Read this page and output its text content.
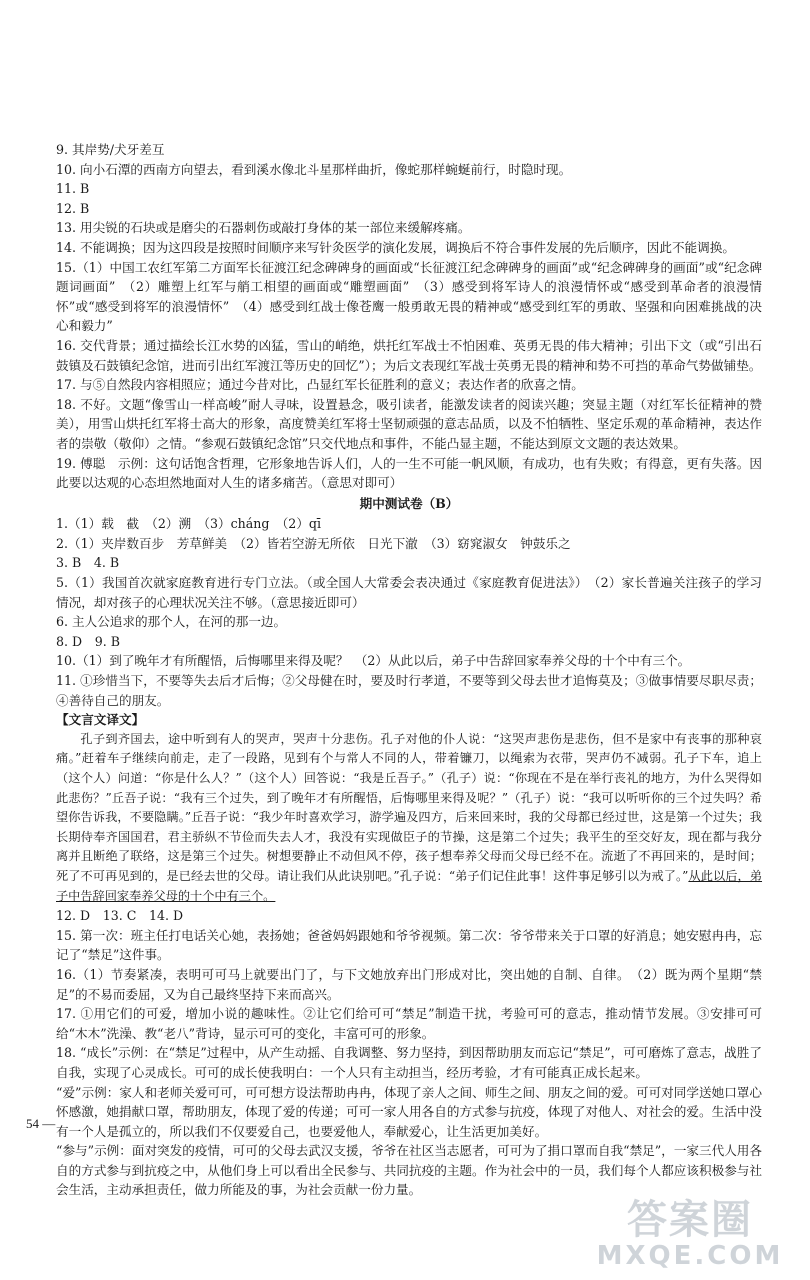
9. 其岸势/犬牙差互

10. 向小石潭的西南方向望去，看到溪水像北斗星那样曲折，像蛇那样蜿蜒前行，时隐时现。

11. B

12. B

13. 用尖锐的石块或是磨尖的石器刺伤或敲打身体的某一部位来缓解疼痛。

14. 不能调换；因为这四段是按照时间顺序来写针灸医学的演化发展，调换后不符合事件发展的先后顺序，因此不能调换。

15.（1）中国工农红军第二方面军长征渡江纪念碑碑身的画面或“长征渡江纪念碑碑身的画面”或“纪念碑碑身的画面”或“纪念碑题词画面”　（2）雕塑上红军与艄工相望的画面或“雕塑画面”　（3）感受到将军诗人的浪漫情怀或“感受到革命者的浪漫情怀”或“感受到将军的浪漫情怀”　（4）感受到红战士像苍鹰一般勇敢无畏的精神或“感受到红军的勇敢、坚强和向困难挑战的决心和毅力”

16. 交代背景；通过描绘长江水势的凶猛，雪山的峭绝，烘托红军战士不怕困难、英勇无畏的伟大精神；引出下文（或“引出石鼓镇及石鼓镇纪念馆，进而引出红军渡江等历史的回忆”）；为后文表现红军战士英勇无畏的精神和势不可挡的革命气势做铺垫。

17. 与⑤自然段内容相照应；通过今昔对比，凸显红军长征胜利的意义；表达作者的欣喜之情。

18. 不好。文题“像雪山一样高峻”耐人寻味，设置悬念，吸引读者，能激发读者的阅读兴趣；突显主题（对红军长征精神的赞美），用雪山烘托红军将士高大的形象，高度赞美红军将士坚韧顽强的意志品质，以及不怕牺牲、坚定乐观的革命精神，表达作者的崇敬（敬仰）之情。“参观石鼓镇纪念馆”只交代地点和事件，不能凸显主题，不能达到原文文题的表达效果。

19. 傅聪　示例：这句话饱含哲理，它形象地告诉人们，人的一生不可能一帆风顺，有成功，也有失败；有得意，更有失落。因此要以达观的心态坦然地面对人生的诸多痛苦。（意思对即可）

期中测试卷（B）

1.（1）载　截　（2）溯　（3）cháng　（2）qī

2.（1）夹岸数百步　芳草鲜美　（2）皆若空游无所依　日光下澈　（3）窈窕淑女　钟鼓乐之

3. B　4. B

5.（1）我国首次就家庭教育进行专门立法。（或全国人大常委会表决通过《家庭教育促进法》）　（2）家长普遍关注孩子的学习情况，却对孩子的心理状况关注不够。（意思接近即可）

6. 主人公追求的那个人，在河的那一边。

8. D　9. B

10.（1）到了晚年才有所醒悟，后悔哪里来得及呢？　（2）从此以后，弟子中告辞回家奉养父母的十个中有三个。

11. ①珍惜当下，不要等失去后才后悔；②父母健在时，要及时行孝道，不要等到父母去世才追悔莫及；③做事情要尽职尽责；④善待自己的朋友。

【文言文译文】

孔子到齐国去，途中听到有人的哭声，哭声十分悲伤。孔子对他的仆人说：“这哭声悲伤是悲伤，但不是家中有丧事的那种哀痛。”赶着车子继续向前走，走了一段路，见到有个与常人不同的人，带着镰刀，以绳索为衣带，哭声仍不减弱。孔子下车，追上（这个人）问道：“你是什么人？”（这个人）回答说：“我是丘吾子。”（孔子）说：“你现在不是在举行丧礼的地方，为什么哭得如此悲伤？”丘吾子说：“我有三个过失，到了晚年才有所醒悟，后悔哪里来得及呢？”（孔子）说：“我可以听听你的三个过失吗？希望你告诉我，不要隐瞒。”丘吾子说：“我少年时喜欢学习，游学遍及四方，后来回来时，我的父母都已经过世，这是第一个过失；我长期侍奉齐国国君，君主骄纵不节俭而失去人才，我没有实现做臣子的节操，这是第二个过失；我平生的至交好友，现在都与我分离并且断绝了联络，这是第三个过失。树想要静止不动但风不停，孩子想奉养父母而父母已经不在。流逝了不再回来的，是时间；死了不可再见到的，是已经去世的父母。请让我们从此诀别吧。”孔子说：“弟子们记住此事！这件事足够引以为戒了。”从此以后，弟子中告辞回家奉养父母的十个中有三个。

12. D　13. C　14. D

15. 第一次：班主任打电话关心她，表扬她；爸爸妈妈跟她和爷爷视频。第二次：爷爷带来关于口罩的好消息；她安慰冉冉，忘记了“禁足”这件事。

16.（1）节奏紧凑，表明可可马上就要出门了，与下文她放弃出门形成对比，突出她的自制、自律。　（2）既为两个星期“禁足”的不易而委屈，又为自己最终坚持下来而高兴。

17. ①用它们的可爱，增加小说的趣味性。②让它们给可可“禁足”制造干扰，考验可可的意志，推动情节发展。③安排可可给“木木”洗澡、教“老八”背诗，显示可可的变化，丰富可可的形象。

18. “成长”示例：在“禁足”过程中，从产生动摇、自我调整、努力坚持，到因帮助朋友而忘记“禁足”，可可磨炼了意志，战胜了自我，实现了心灵成长。可可的成长使我明白：一个人只有主动担当，经历考验，才有可能真正成长起来。

“爱”示例：家人和老师关爱可可，可可想方设法帮助冉冉，体现了亲人之间、师生之间、朋友之间的爱。可可对同学送她口罩心怀感激，她捐献口罩，帮助朋友，体现了爱的传递；可可一家人用各自的方式参与抗疫，体现了对他人、对社会的爱。生活中没有一个人是孤立的，所以我们不仅要爱自己，也要爱他人，奉献爱心，让生活更加美好。

“参与”示例：面对突发的疫情，可可的父母去武汉支援，爷爷在社区当志愿者，可可为了捐口罩而自我“禁足”，一家三代人用各自的方式参与到抗疫之中，从他们身上可以看出全民参与、共同抗疫的主题。作为社会中的一员，我们每个人都应该积极参与社会生活，主动承担责任，做力所能及的事，为社会贡献一份力量。

54 —
答案圈
MXQE.COM
